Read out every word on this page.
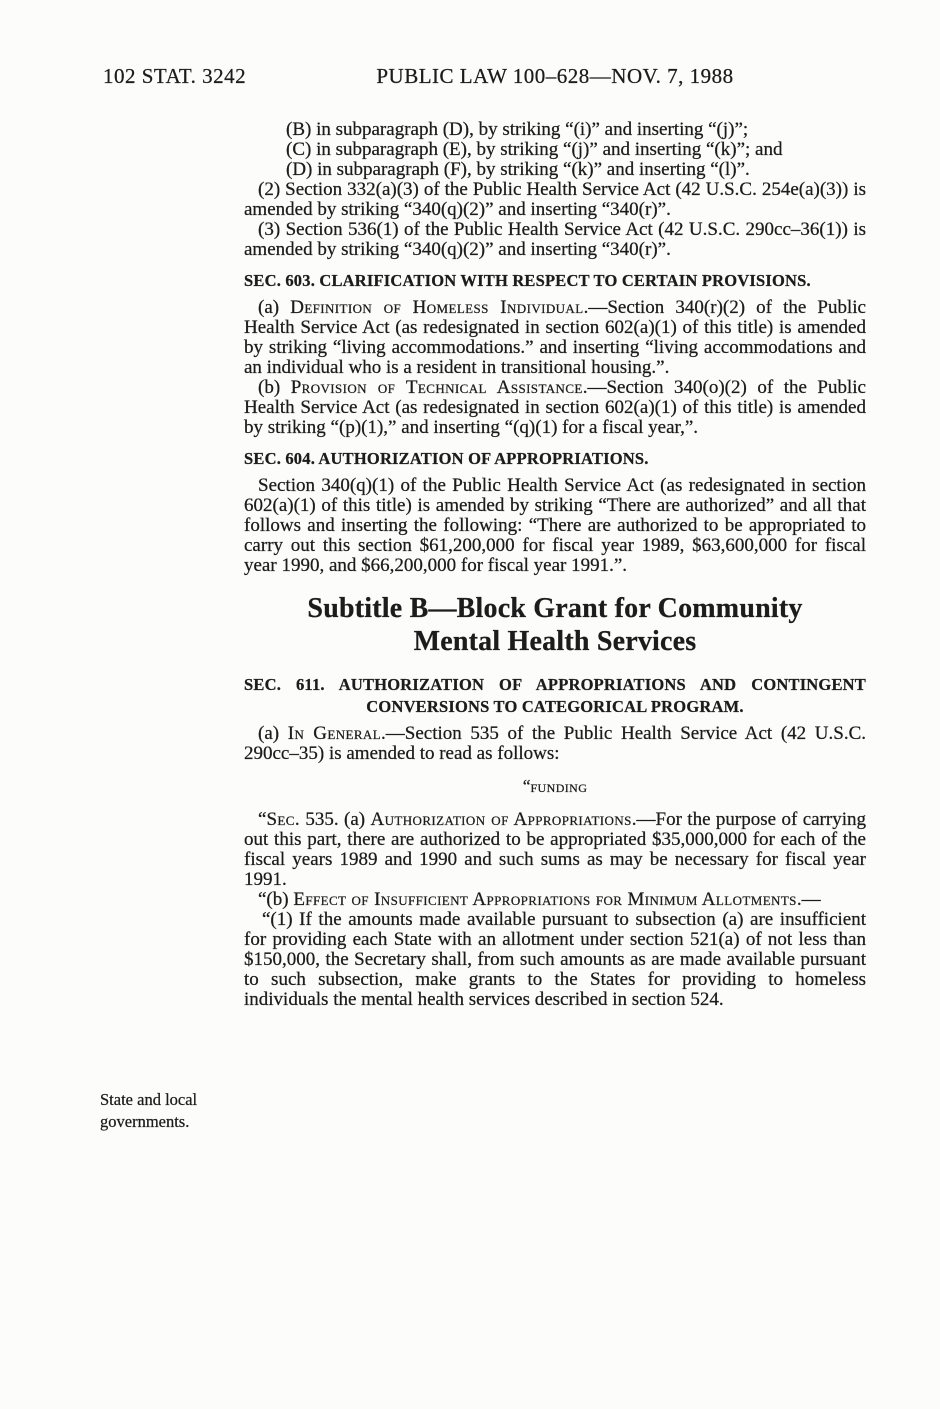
102 STAT. 3242	PUBLIC LAW 100–628—NOV. 7, 1988
State and local
governments.

(B) in subparagraph (D), by striking “(i)” and inserting “(j)”;

(C) in subparagraph (E), by striking “(j)” and inserting “(k)”; and

(D) in subparagraph (F), by striking “(k)” and inserting “(l)”.

(2) Section 332(a)(3) of the Public Health Service Act (42 U.S.C. 254e(a)(3)) is amended by striking “340(q)(2)” and inserting “340(r)”.

(3) Section 536(1) of the Public Health Service Act (42 U.S.C. 290cc–36(1)) is amended by striking “340(q)(2)” and inserting “340(r)”.

SEC. 603. CLARIFICATION WITH RESPECT TO CERTAIN PROVISIONS.

(a) Definition of Homeless Individual.—Section 340(r)(2) of the Public Health Service Act (as redesignated in section 602(a)(1) of this title) is amended by striking “living accommodations.” and inserting “living accommodations and an individual who is a resident in transitional housing.”.

(b) Provision of Technical Assistance.—Section 340(o)(2) of the Public Health Service Act (as redesignated in section 602(a)(1) of this title) is amended by striking “(p)(1),” and inserting “(q)(1) for a fiscal year,”.

SEC. 604. AUTHORIZATION OF APPROPRIATIONS.

Section 340(q)(1) of the Public Health Service Act (as redesignated in section 602(a)(1) of this title) is amended by striking “There are authorized” and all that follows and inserting the following: “There are authorized to be appropriated to carry out this section $61,200,000 for fiscal year 1989, $63,600,000 for fiscal year 1990, and $66,200,000 for fiscal year 1991.”.

Subtitle B—Block Grant for Community
Mental Health Services
SEC. 611. AUTHORIZATION OF APPROPRIATIONS AND CONTINGENT
CONVERSIONS TO CATEGORICAL PROGRAM.

(a) In General.—Section 535 of the Public Health Service Act (42 U.S.C. 290cc–35) is amended to read as follows:

“funding

“Sec. 535. (a) Authorization of Appropriations.—For the purpose of carrying out this part, there are authorized to be appropriated $35,000,000 for each of the fiscal years 1989 and 1990 and such sums as may be necessary for fiscal year 1991.

“(b) Effect of Insufficient Appropriations for Minimum Allotments.—

“(1) If the amounts made available pursuant to subsection (a) are insufficient for providing each State with an allotment under section 521(a) of not less than $150,000, the Secretary shall, from such amounts as are made available pursuant to such subsection, make grants to the States for providing to homeless individuals the mental health services described in section 524.
